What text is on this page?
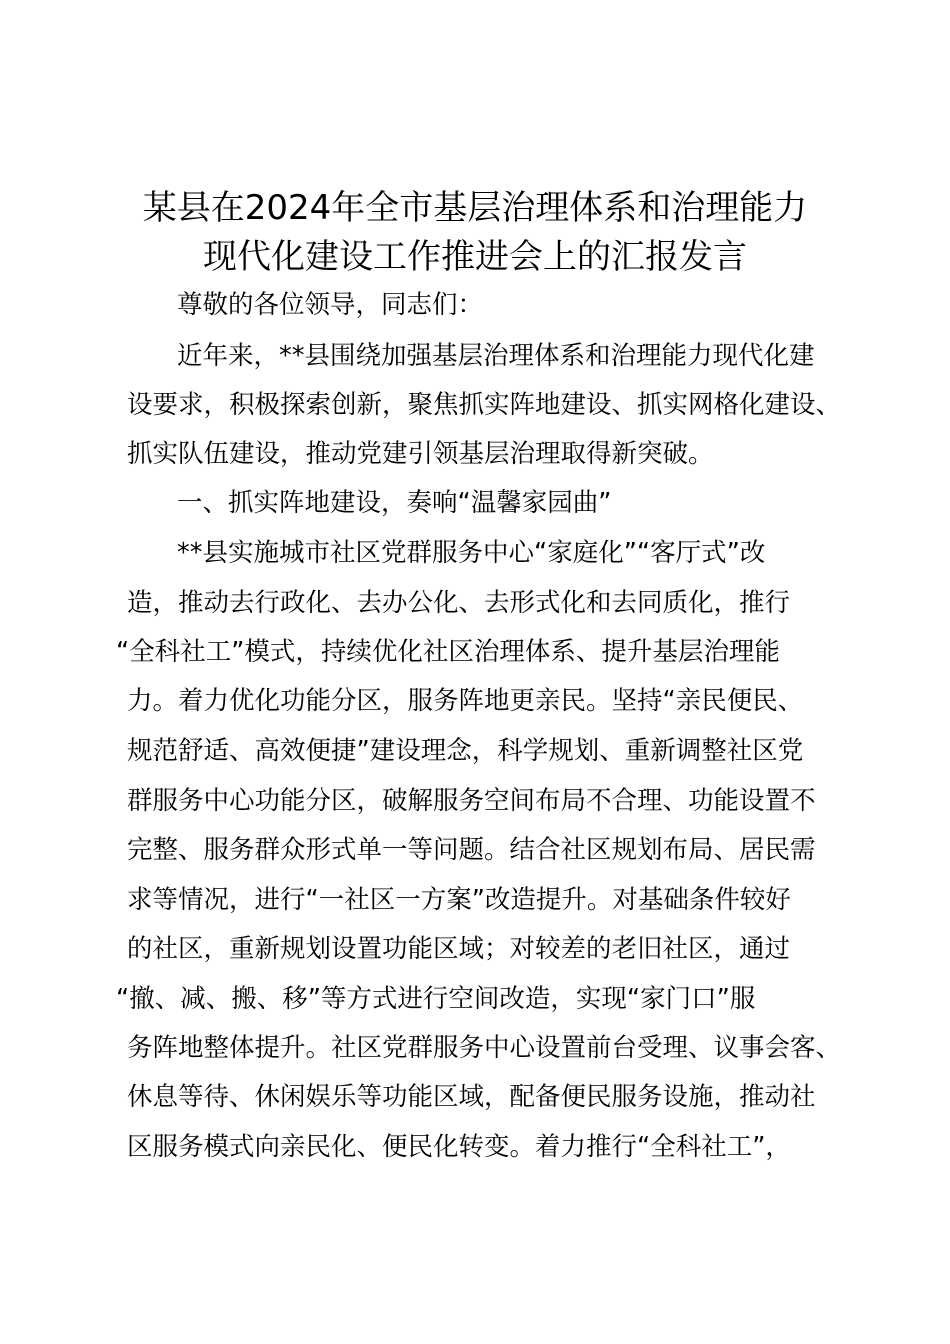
某县在2024年全市基层治理体系和治理能力
现代化建设工作推进会上的汇报发言
尊敬的各位领导，同志们：
近年来，**县围绕加强基层治理体系和治理能力现代化建
设要求，积极探索创新，聚焦抓实阵地建设、抓实网格化建设、
抓实队伍建设，推动党建引领基层治理取得新突破。
一、抓实阵地建设，奏响“温馨家园曲”
**县实施城市社区党群服务中心“家庭化”“客厅式”改
造，推动去行政化、去办公化、去形式化和去同质化，推行
“全科社工”模式，持续优化社区治理体系、提升基层治理能
力。着力优化功能分区，服务阵地更亲民。坚持“亲民便民、
规范舒适、高效便捷”建设理念，科学规划、重新调整社区党
群服务中心功能分区，破解服务空间布局不合理、功能设置不
完整、服务群众形式单一等问题。结合社区规划布局、居民需
求等情况，进行“一社区一方案”改造提升。对基础条件较好
的社区，重新规划设置功能区域；对较差的老旧社区，通过
“撤、减、搬、移”等方式进行空间改造，实现“家门口”服
务阵地整体提升。社区党群服务中心设置前台受理、议事会客、
休息等待、休闲娱乐等功能区域，配备便民服务设施，推动社
区服务模式向亲民化、便民化转变。着力推行“全科社工”，
